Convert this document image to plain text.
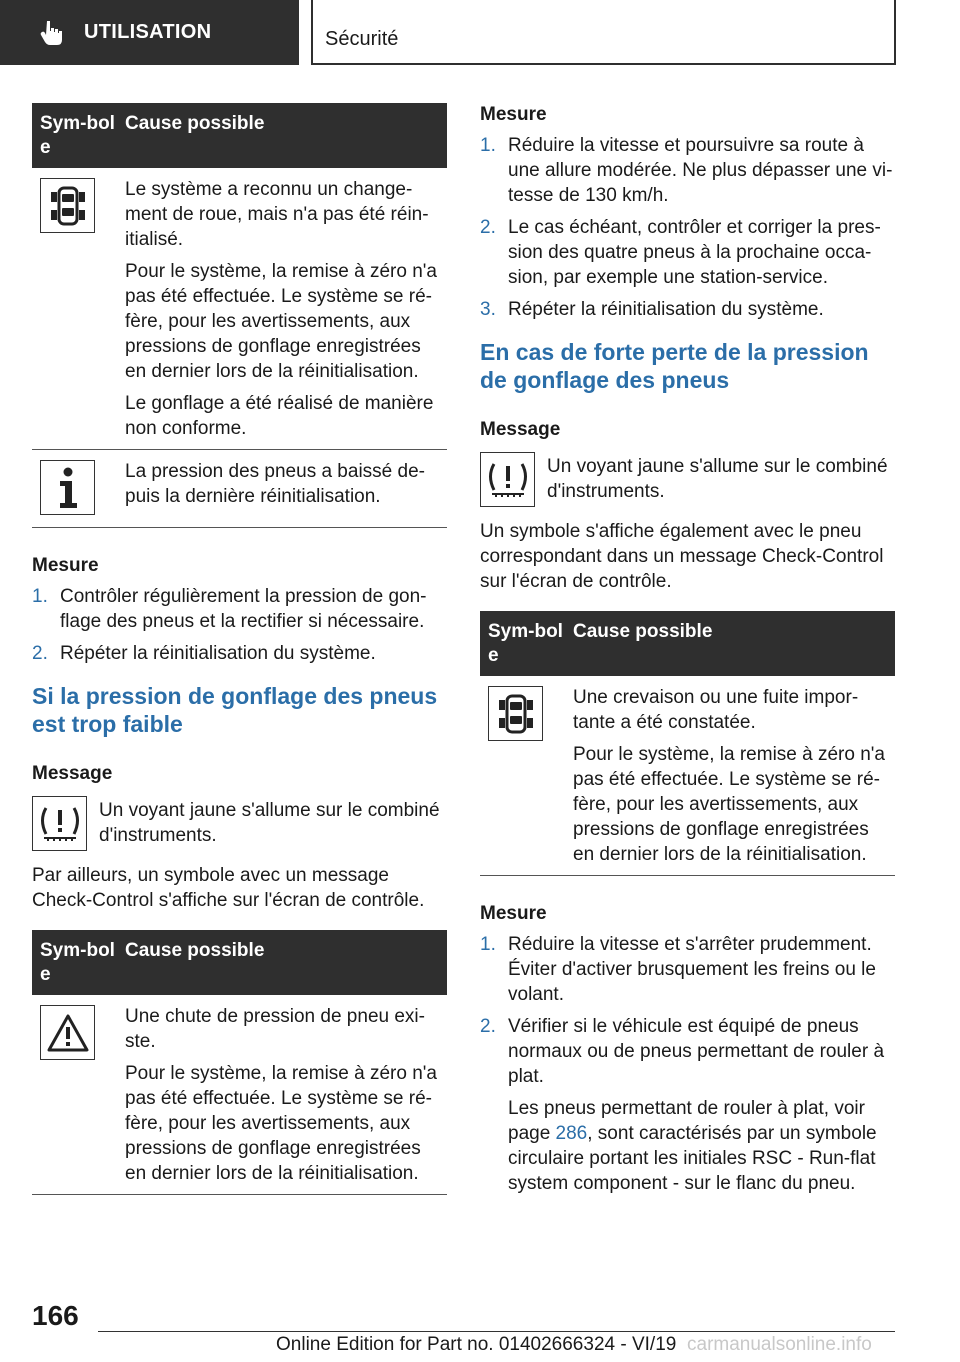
UTILISATION	Sécurité
Sym-bole
Cause possible

Le système a reconnu un change-ment de roue, mais n'a pas été réin-itialisé.

Pour le système, la remise à zéro n'a pas été effectuée. Le système se ré-fère, pour les avertissements, aux pressions de gonflage enregistrées en dernier lors de la réinitialisation.

Le gonflage a été réalisé de manière non conforme.

La pression des pneus a baissé de-puis la dernière réinitialisation.

Mesure
1. Contrôler régulièrement la pression de gon-flage des pneus et la rectifier si nécessaire.
2. Répéter la réinitialisation du système.
Si la pression de gonflage des pneus est trop faible
Message
Un voyant jaune s'allume sur le combiné d'instruments.
Par ailleurs, un symbole avec un message Check-Control s'affiche sur l'écran de contrôle.
Sym-bole
Cause possible

Une chute de pression de pneu exi-ste.

Pour le système, la remise à zéro n'a pas été effectuée. Le système se ré-fère, pour les avertissements, aux pressions de gonflage enregistrées en dernier lors de la réinitialisation.

Mesure
1. Réduire la vitesse et poursuivre sa route à une allure modérée. Ne plus dépasser une vi-tesse de 130 km/h.
2. Le cas échéant, contrôler et corriger la pres-sion des quatre pneus à la prochaine occa-sion, par exemple une station-service.
3. Répéter la réinitialisation du système.
En cas de forte perte de la pression de gonflage des pneus
Message
Un voyant jaune s'allume sur le combiné d'instruments.
Un symbole s'affiche également avec le pneu correspondant dans un message Check-Control sur l'écran de contrôle.
Sym-bole
Cause possible

Une crevaison ou une fuite impor-tante a été constatée.

Pour le système, la remise à zéro n'a pas été effectuée. Le système se ré-fère, pour les avertissements, aux pressions de gonflage enregistrées en dernier lors de la réinitialisation.

Mesure
1. Réduire la vitesse et s'arrêter prudemment. Éviter d'activer brusquement les freins ou le volant.
2. Vérifier si le véhicule est équipé de pneus normaux ou de pneus permettant de rouler à plat.

Les pneus permettant de rouler à plat, voir page 286, sont caractérisés par un symbole circulaire portant les initiales RSC - Run-flat system component - sur le flanc du pneu.

166
Online Edition for Part no. 01402666324 - VI/19 carmanualsonline.info
